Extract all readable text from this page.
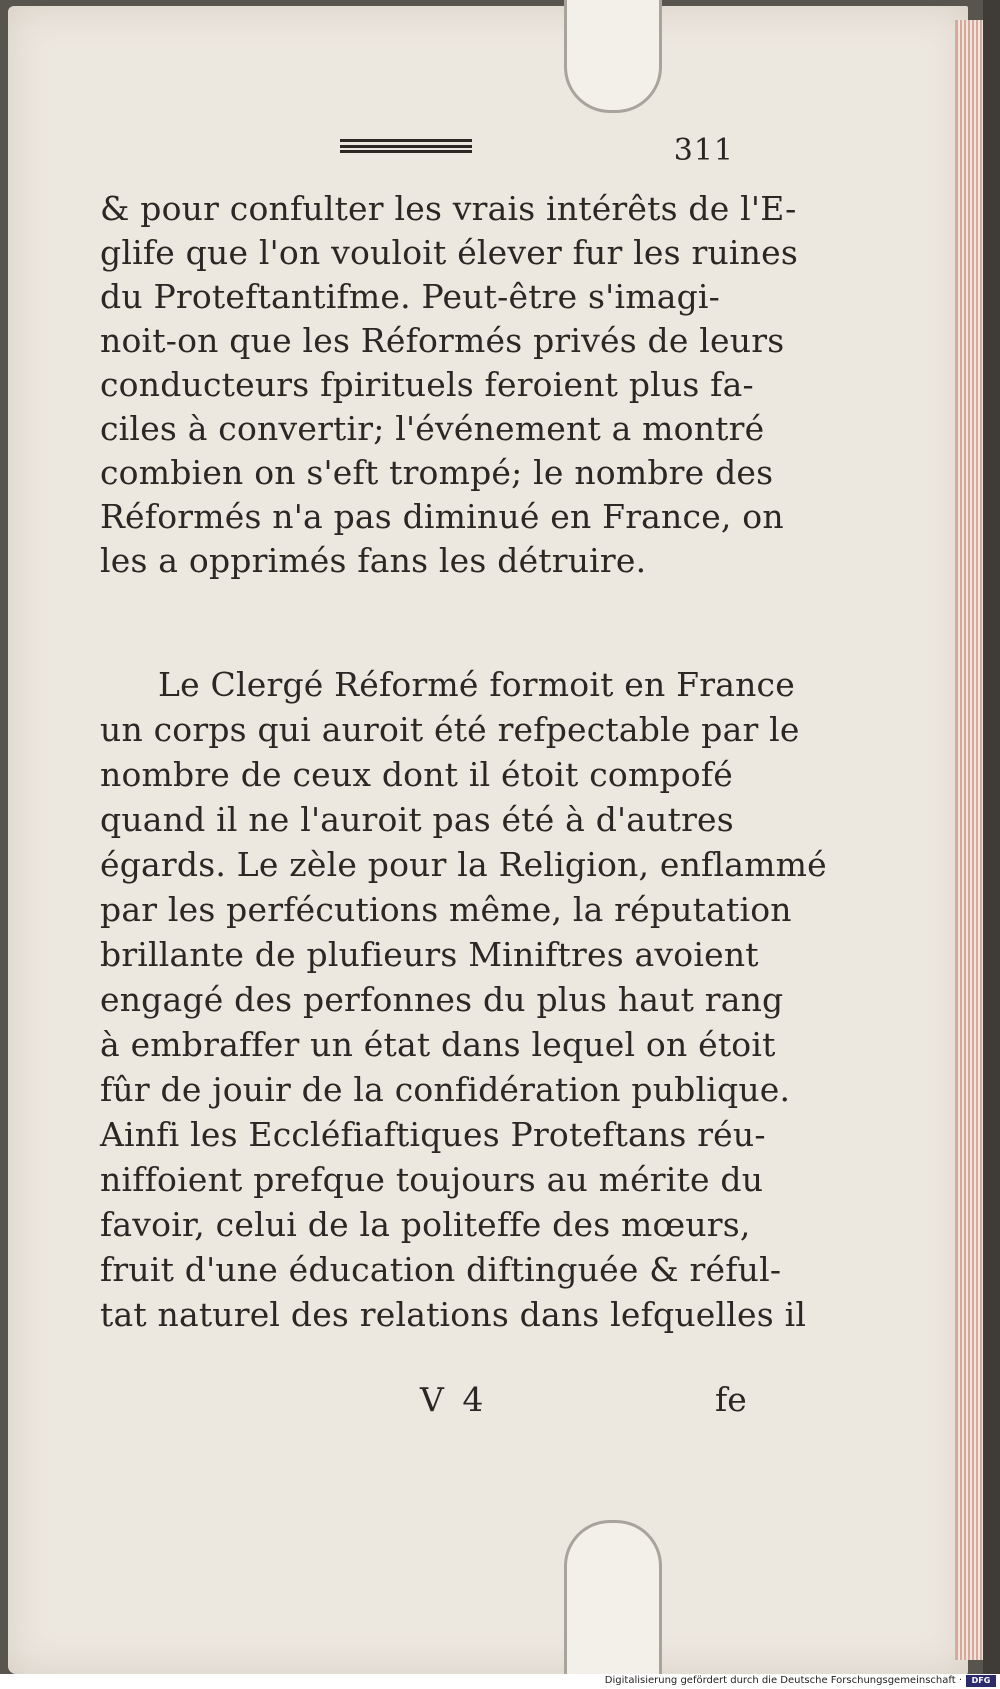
311
& pour confulter les vrais intérêts de l'E-
glife que l'on vouloit élever fur les ruines
du Proteftantifme. Peut-être s'imagi-
noit-on que les Réformés privés de leurs
conducteurs fpirituels feroient plus fa-
ciles à convertir; l'événement a montré
combien on s'eft trompé; le nombre des
Réformés n'a pas diminué en France, on
les a opprimés fans les détruire.
Le Clergé Réformé formoit en France
un corps qui auroit été refpectable par le
nombre de ceux dont il étoit compofé
quand il ne l'auroit pas été à d'autres
égards. Le zèle pour la Religion, enflammé
par les perfécutions même, la réputation
brillante de plufieurs Miniftres avoient
engagé des perfonnes du plus haut rang
à embraffer un état dans lequel on étoit
fûr de jouir de la confidération publique.
Ainfi les Eccléfiaftiques Proteftans réu-
niffoient prefque toujours au mérite du
favoir, celui de la politeffe des mœurs,
fruit d'une éducation diftinguée & réful-
tat naturel des relations dans lefquelles il
V 4	fe
Digitalisierung gefördert durch die Deutsche Forschungsgemeinschaft ·	DFG
